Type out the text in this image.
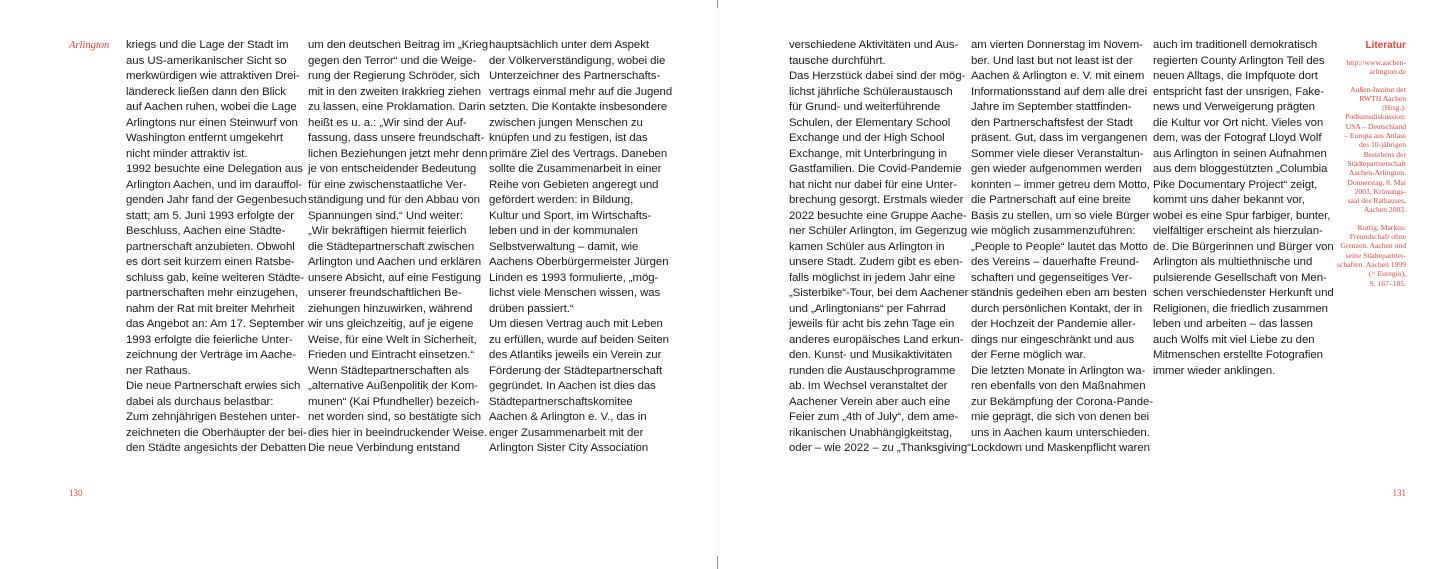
Arlington kriegs und die Lage der Stadt im
aus US-amerikanischer Sicht so
merkwürdigen wie attraktiven Drei-
ländereck ließen dann den Blick
auf Aachen ruhen, wobei die Lage
Arlingtons nur einen Steinwurf von
Washington entfernt umgekehrt
nicht minder attraktiv ist.
1992 besuchte eine Delegation aus
Arlington Aachen, und im darauffol-
genden Jahr fand der Gegenbesuch
statt; am 5. Juni 1993 erfolgte der
Beschluss, Aachen eine Städte-
partnerschaft anzubieten. Obwohl
es dort seit kurzem einen Ratsbe-
schluss gab, keine weiteren Städte-
partnerschaften mehr einzugehen,
nahm der Rat mit breiter Mehrheit
das Angebot an: Am 17. September
1993 erfolgte die feierliche Unter-
zeichnung der Verträge im Aache-
ner Rathaus.
Die neue Partnerschaft erwies sich
dabei als durchaus belastbar:
Zum zehnjährigen Bestehen unter-
zeichneten die Oberhäupter der bei-
den Städte angesichts der Debatten
um den deutschen Beitrag im „Krieg
gegen den Terror“ und die Weige-
rung der Regierung Schröder, sich
mit in den zweiten Irakkrieg ziehen
zu lassen, eine Proklamation. Darin
heißt es u. a.: „Wir sind der Auf-
fassung, dass unsere freundschaft-
lichen Beziehungen jetzt mehr denn
je von entscheidender Bedeutung
für eine zwischenstaatliche Ver-
ständigung und für den Abbau von
Spannungen sind.“ Und weiter:
„Wir bekräftigen hiermit feierlich
die Städtepartnerschaft zwischen
Arlington und Aachen und erklären
unsere Absicht, auf eine Festigung
unserer freundschaftlichen Be-
ziehungen hinzuwirken, während
wir uns gleichzeitig, auf je eigene
Weise, für eine Welt in Sicherheit,
Frieden und Eintracht einsetzen.“
Wenn Städtepartnerschaften als
„alternative Außenpolitik der Kom-
munen“ (Kai Pfundheller) bezeich-
net worden sind, so bestätigte sich
dies hier in beeindruckender Weise.
Die neue Verbindung entstand
hauptsächlich unter dem Aspekt
der Völkerverständigung, wobei die
Unterzeichner des Partnerschafts-
vertrags einmal mehr auf die Jugend
setzten. Die Kontakte insbesondere
zwischen jungen Menschen zu
knüpfen und zu festigen, ist das
primäre Ziel des Vertrags. Daneben
sollte die Zusammenarbeit in einer
Reihe von Gebieten angeregt und
gefördert werden: in Bildung,
Kultur und Sport, im Wirtschafts-
leben und in der kommunalen
Selbstverwaltung – damit, wie
Aachens Oberbürgermeister Jürgen
Linden es 1993 formulierte, „mög-
lichst viele Menschen wissen, was
drüben passiert.“
Um diesen Vertrag auch mit Leben
zu erfüllen, wurde auf beiden Seiten
des Atlantiks jeweils ein Verein zur
Förderung der Städtepartnerschaft
gegründet. In Aachen ist dies das
Städtepartnerschaftskomitee
Aachen & Arlington e. V., das in
enger Zusammenarbeit mit der
Arlington Sister City Association
verschiedene Aktivitäten und Aus-
tausche durchführt.
Das Herzstück dabei sind der mög-
lichst jährliche Schüleraustausch
für Grund- und weiterführende
Schulen, der Elementary School
Exchange und der High School
Exchange, mit Unterbringung in
Gastfamilien. Die Covid-Pandemie
hat nicht nur dabei für eine Unter-
brechung gesorgt. Erstmals wieder
2022 besuchte eine Gruppe Aache-
ner Schüler Arlington, im Gegenzug
kamen Schüler aus Arlington in
unsere Stadt. Zudem gibt es eben-
falls möglichst in jedem Jahr eine
„Sisterbike“-Tour, bei dem Aachener
und „Arlingtonians“ per Fahrrad
jeweils für acht bis zehn Tage ein
anderes europäisches Land erkun-
den. Kunst- und Musikaktivitäten
runden die Austauschprogramme
ab. Im Wechsel veranstaltet der
Aachener Verein aber auch eine
Feier zum „4th of July“, dem ame-
rikanischen Unabhängigkeitstag,
oder – wie 2022 – zu „Thanksgiving“
am vierten Donnerstag im Novem-
ber. Und last but not least ist der
Aachen & Arlington e. V. mit einem
Informationsstand auf dem alle drei
Jahre im September stattfinden-
den Partnerschaftsfest der Stadt
präsent. Gut, dass im vergangenen
Sommer viele dieser Veranstaltun-
gen wieder aufgenommen werden
konnten – immer getreu dem Motto,
die Partnerschaft auf eine breite
Basis zu stellen, um so viele Bürger
wie möglich zusammenzuführen:
„People to People“ lautet das Motto
des Vereins – dauerhafte Freund-
schaften und gegenseitiges Ver-
ständnis gedeihen eben am besten
durch persönlichen Kontakt, der in
der Hochzeit der Pandemie aller-
dings nur eingeschränkt und aus
der Ferne möglich war.
Die letzten Monate in Arlington wa-
ren ebenfalls von den Maßnahmen
zur Bekämpfung der Corona-Pande-
mie geprägt, die sich von denen bei
uns in Aachen kaum unterschieden.
Lockdown und Maskenpflicht waren
auch im traditionell demokratisch
regierten County Arlington Teil des
neuen Alltags, die Impfquote dort
entspricht fast der unsrigen, Fake-
news und Verweigerung prägten
die Kultur vor Ort nicht. Vieles von
dem, was der Fotograf Lloyd Wolf
aus Arlington in seinen Aufnahmen
aus dem bloggestützten „Columbia
Pike Documentary Project“ zeigt,
kommt uns daher bekannt vor,
wobei es eine Spur farbiger, bunter,
vielfältiger erscheint als hierzulan-
de. Die Bürgerinnen und Bürger von
Arlington als multiethnische und
pulsierende Gesellschaft von Men-
schen verschiedenster Herkunft und
Religionen, die friedlich zusammen
leben und arbeiten – das lassen
auch Wolfs mit viel Liebe zu den
Mitmenschen erstellte Fotografien
immer wieder anklingen.
Literatur
http://www.aachen-
arlington.de
Außen-Institut der
RWTH Aachen
(Hrsg.):
Podiumsdiskussion:
USA – Deutschland
– Europa aus Anlass
des 10-jährigen
Bestehens der
Städtepartnerschaft
Aachen-Arlington.
Donnerstag, 8. Mai
2003, Krönungs-
saal des Rathauses,
Aachen 2003.
Kuttig, Markus:
Freundschaft ohne
Grenzen. Aachen und
seine Städtepartner-
schaften. Aachen 1999
(= Euregio),
S. 167–185.
130	131
